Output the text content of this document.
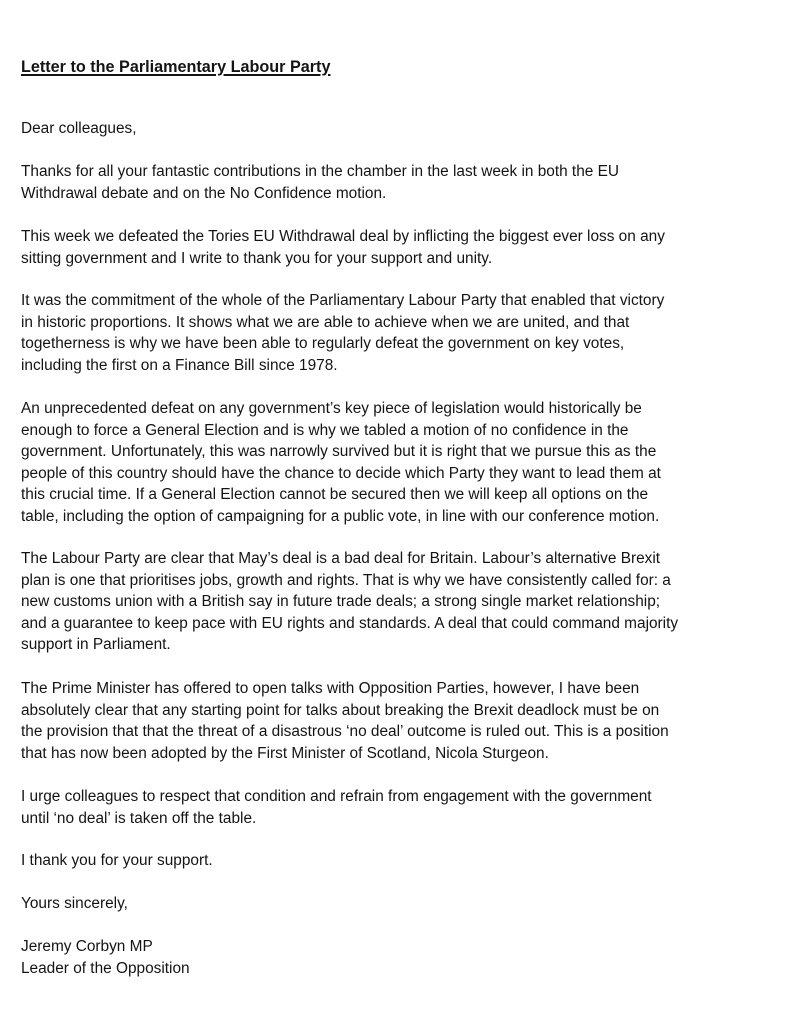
Letter to the Parliamentary Labour Party

Dear colleagues,

Thanks for all your fantastic contributions in the chamber in the last week in both the EU
Withdrawal debate and on the No Confidence motion.

This week we defeated the Tories EU Withdrawal deal by inflicting the biggest ever loss on any
sitting government and I write to thank you for your support and unity.

It was the commitment of the whole of the Parliamentary Labour Party that enabled that victory
in historic proportions. It shows what we are able to achieve when we are united, and that
togetherness is why we have been able to regularly defeat the government on key votes,
including the first on a Finance Bill since 1978.

An unprecedented defeat on any government’s key piece of legislation would historically be
enough to force a General Election and is why we tabled a motion of no confidence in the
government. Unfortunately, this was narrowly survived but it is right that we pursue this as the
people of this country should have the chance to decide which Party they want to lead them at
this crucial time. If a General Election cannot be secured then we will keep all options on the
table, including the option of campaigning for a public vote, in line with our conference motion.

The Labour Party are clear that May’s deal is a bad deal for Britain. Labour’s alternative Brexit
plan is one that prioritises jobs, growth and rights. That is why we have consistently called for: a
new customs union with a British say in future trade deals; a strong single market relationship;
and a guarantee to keep pace with EU rights and standards. A deal that could command majority
support in Parliament.

The Prime Minister has offered to open talks with Opposition Parties, however, I have been
absolutely clear that any starting point for talks about breaking the Brexit deadlock must be on
the provision that that the threat of a disastrous ‘no deal’ outcome is ruled out. This is a position
that has now been adopted by the First Minister of Scotland, Nicola Sturgeon.

I urge colleagues to respect that condition and refrain from engagement with the government
until ‘no deal’ is taken off the table.

I thank you for your support.

Yours sincerely,

Jeremy Corbyn MP
Leader of the Opposition
